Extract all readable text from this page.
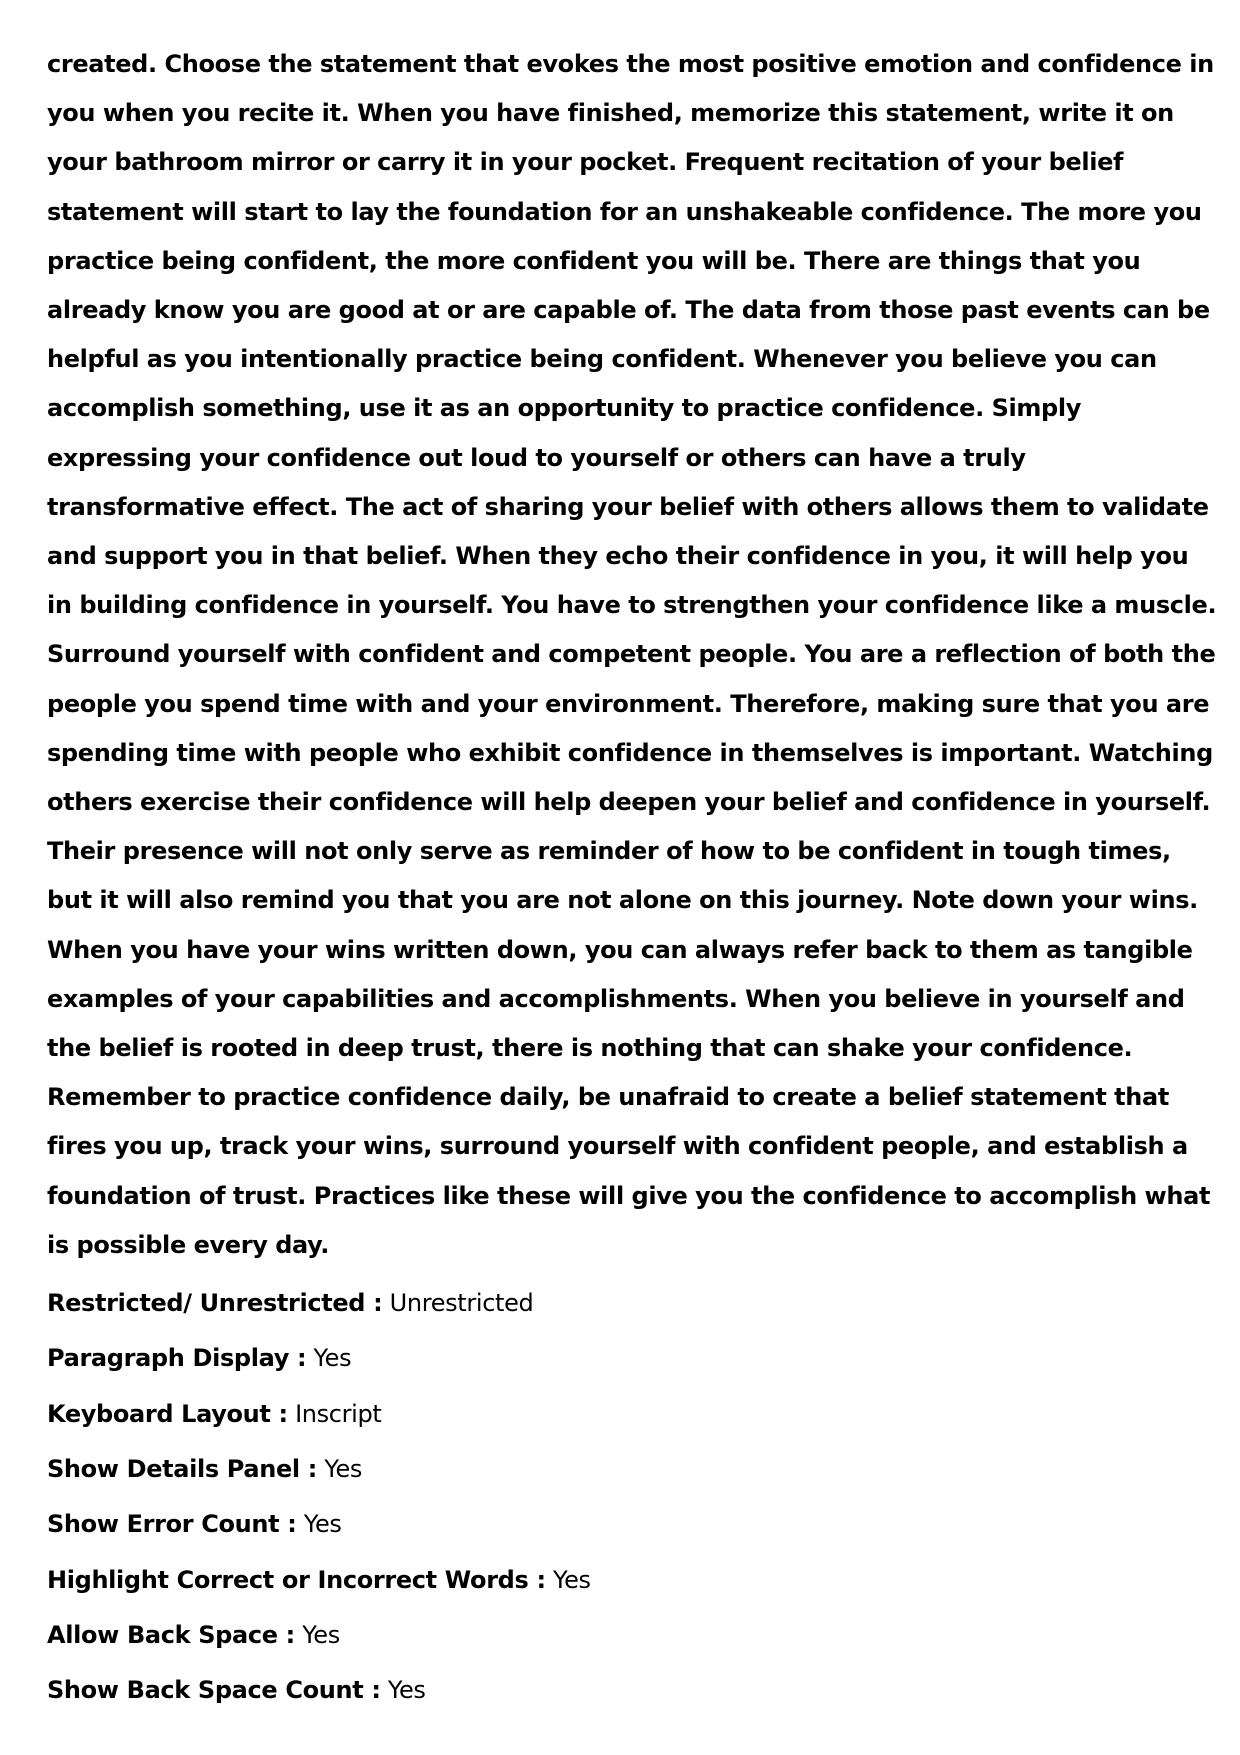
created. Choose the statement that evokes the most positive emotion and confidence in you when you recite it. When you have finished, memorize this statement, write it on your bathroom mirror or carry it in your pocket. Frequent recitation of your belief statement will start to lay the foundation for an unshakeable confidence. The more you practice being confident, the more confident you will be. There are things that you already know you are good at or are capable of. The data from those past events can be helpful as you intentionally practice being confident. Whenever you believe you can accomplish something, use it as an opportunity to practice confidence. Simply expressing your confidence out loud to yourself or others can have a truly transformative effect. The act of sharing your belief with others allows them to validate and support you in that belief. When they echo their confidence in you, it will help you in building confidence in yourself. You have to strengthen your confidence like a muscle. Surround yourself with confident and competent people. You are a reflection of both the people you spend time with and your environment. Therefore, making sure that you are spending time with people who exhibit confidence in themselves is important. Watching others exercise their confidence will help deepen your belief and confidence in yourself. Their presence will not only serve as reminder of how to be confident in tough times, but it will also remind you that you are not alone on this journey. Note down your wins. When you have your wins written down, you can always refer back to them as tangible examples of your capabilities and accomplishments. When you believe in yourself and the belief is rooted in deep trust, there is nothing that can shake your confidence. Remember to practice confidence daily, be unafraid to create a belief statement that fires you up, track your wins, surround yourself with confident people, and establish a foundation of trust. Practices like these will give you the confidence to accomplish what is possible every day.

Restricted/ Unrestricted : Unrestricted
Paragraph Display : Yes
Keyboard Layout : Inscript
Show Details Panel : Yes
Show Error Count : Yes
Highlight Correct or Incorrect Words : Yes
Allow Back Space : Yes
Show Back Space Count : Yes
